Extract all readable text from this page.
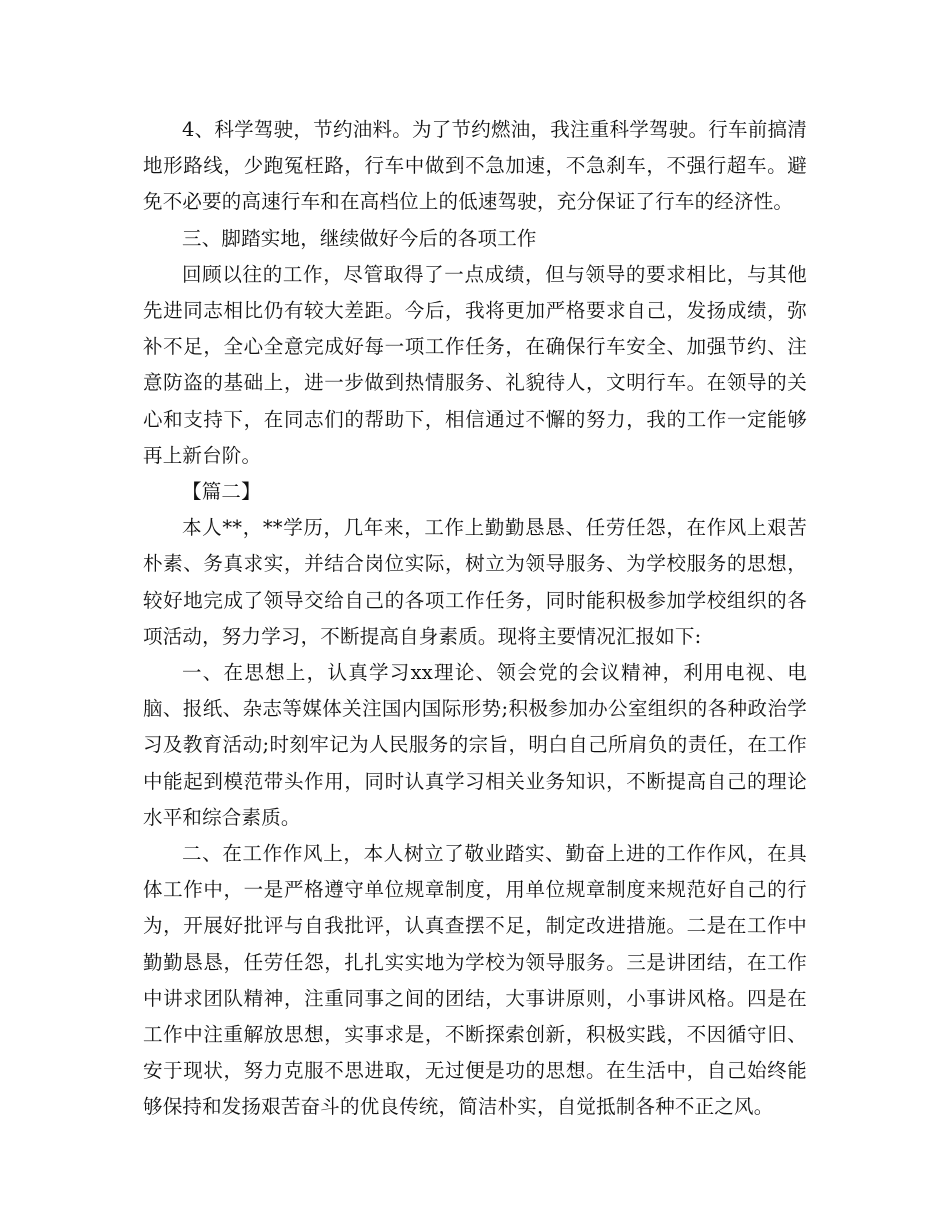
4、科学驾驶，节约油料。为了节约燃油，我注重科学驾驶。行车前搞清地形路线，少跑冤枉路，行车中做到不急加速，不急刹车，不强行超车。避免不必要的高速行车和在高档位上的低速驾驶，充分保证了行车的经济性。

三、脚踏实地，继续做好今后的各项工作

回顾以往的工作，尽管取得了一点成绩，但与领导的要求相比，与其他先进同志相比仍有较大差距。今后，我将更加严格要求自己，发扬成绩，弥补不足，全心全意完成好每一项工作任务，在确保行车安全、加强节约、注意防盗的基础上，进一步做到热情服务、礼貌待人，文明行车。在领导的关心和支持下，在同志们的帮助下，相信通过不懈的努力，我的工作一定能够再上新台阶。

【篇二】

本人**，**学历，几年来，工作上勤勤恳恳、任劳任怨，在作风上艰苦朴素、务真求实，并结合岗位实际，树立为领导服务、为学校服务的思想，较好地完成了领导交给自己的各项工作任务，同时能积极参加学校组织的各项活动，努力学习，不断提高自身素质。现将主要情况汇报如下:

一、在思想上，认真学习xx理论、领会党的会议精神，利用电视、电脑、报纸、杂志等媒体关注国内国际形势;积极参加办公室组织的各种政治学习及教育活动;时刻牢记为人民服务的宗旨，明白自己所肩负的责任，在工作中能起到模范带头作用，同时认真学习相关业务知识，不断提高自己的理论水平和综合素质。

二、在工作作风上，本人树立了敬业踏实、勤奋上进的工作作风，在具体工作中，一是严格遵守单位规章制度，用单位规章制度来规范好自己的行为，开展好批评与自我批评，认真查摆不足，制定改进措施。二是在工作中勤勤恳恳，任劳任怨，扎扎实实地为学校为领导服务。三是讲团结，在工作中讲求团队精神，注重同事之间的团结，大事讲原则，小事讲风格。四是在工作中注重解放思想，实事求是，不断探索创新，积极实践，不因循守旧、安于现状，努力克服不思进取，无过便是功的思想。在生活中，自己始终能够保持和发扬艰苦奋斗的优良传统，简洁朴实，自觉抵制各种不正之风。
